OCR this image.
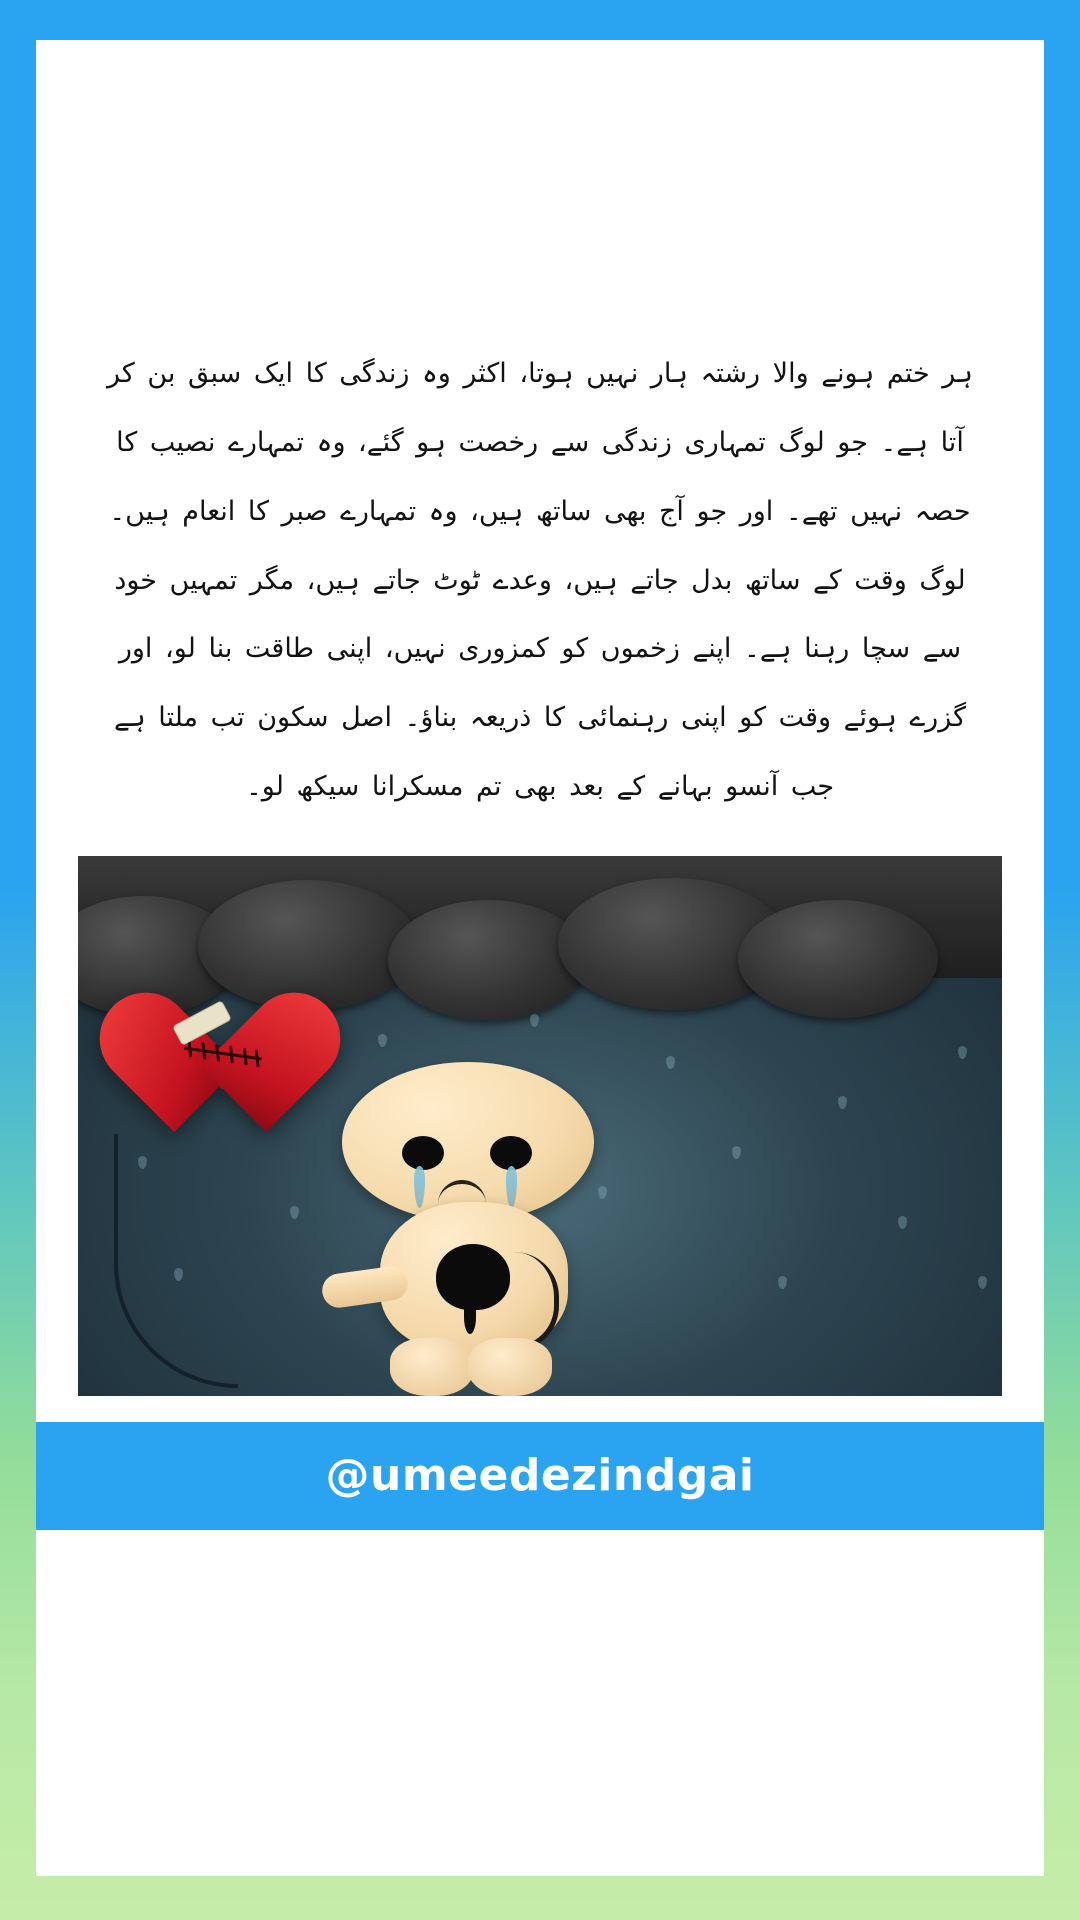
ہر ختم ہونے والا رشتہ ہار نہیں ہوتا، اکثر وہ زندگی کا ایک سبق بن کر آتا ہے۔ جو لوگ تمہاری زندگی سے رخصت ہو گئے، وہ تمہارے نصیب کا حصہ نہیں تھے۔ اور جو آج بھی ساتھ ہیں، وہ تمہارے صبر کا انعام ہیں۔ لوگ وقت کے ساتھ بدل جاتے ہیں، وعدے ٹوٹ جاتے ہیں، مگر تمہیں خود سے سچا رہنا ہے۔ اپنے زخموں کو کمزوری نہیں، اپنی طاقت بنا لو، اور گزرے ہوئے وقت کو اپنی رہنمائی کا ذریعہ بناؤ۔ اصل سکون تب ملتا ہے جب آنسو بہانے کے بعد بھی تم مسکرانا سیکھ لو۔
@umeedezindgai
